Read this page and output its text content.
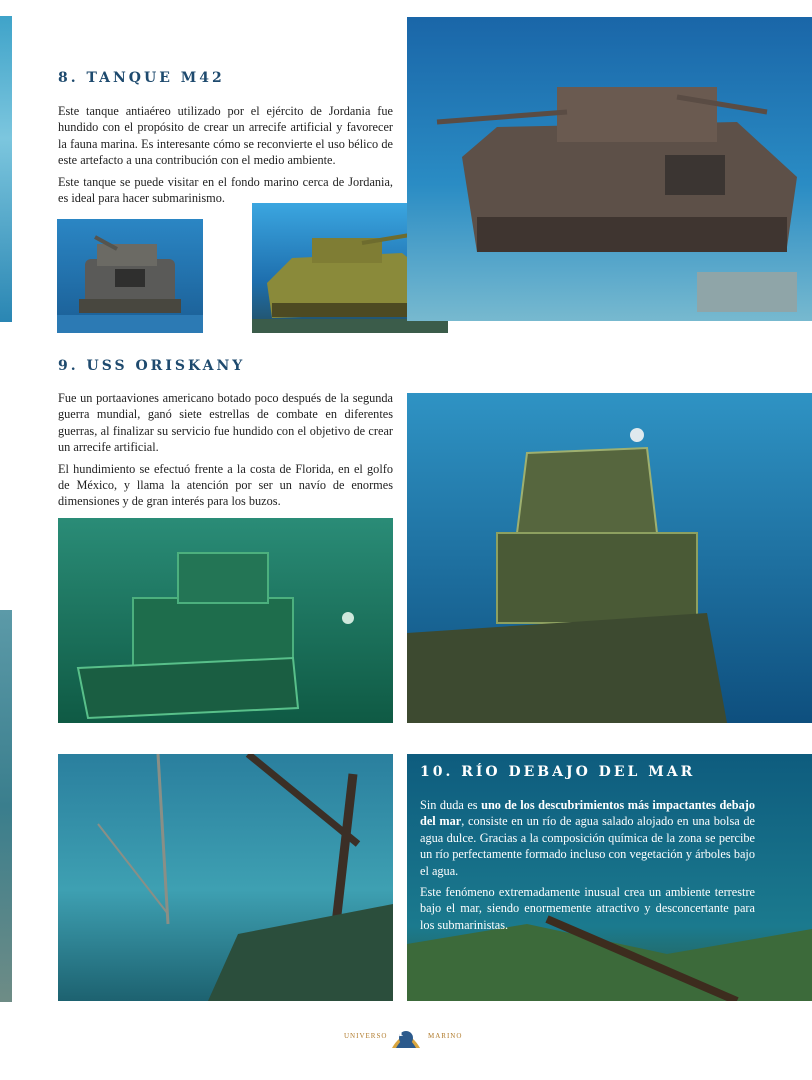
8. TANQUE M42

Este tanque antiaéreo utilizado por el ejército de Jordania fue hundido con el propósito de crear un arrecife artificial y favorecer la fauna marina. Es interesante cómo se reconvierte el uso bélico de este artefacto a una contribución con el medio ambiente.

Este tanque se puede visitar en el fondo marino cerca de Jordania, es ideal para hacer submarinismo.

9. USS ORISKANY

Fue un portaaviones americano botado poco después de la segunda guerra mundial, ganó siete estrellas de combate en diferentes guerras, al finalizar su servicio fue hundido con el objetivo de crear un arrecife artificial.

El hundimiento se efectuó frente a la costa de Florida, en el golfo de México, y llama la atención por ser un navío de enormes dimensiones y de gran interés para los buzos.

10. RÍO DEBAJO DEL MAR

Sin duda es uno de los descubrimientos más impactantes debajo del mar, consiste en un río de agua salado alojado en una bolsa de agua dulce. Gracias a la composición química de la zona se percibe un río perfectamente formado incluso con vegetación y árboles bajo el agua.

Este fenómeno extremadamente inusual crea un ambiente terrestre bajo el mar, siendo enormemente atractivo y desconcertante para los submarinistas.

UNIVERSO 11	MARINO
